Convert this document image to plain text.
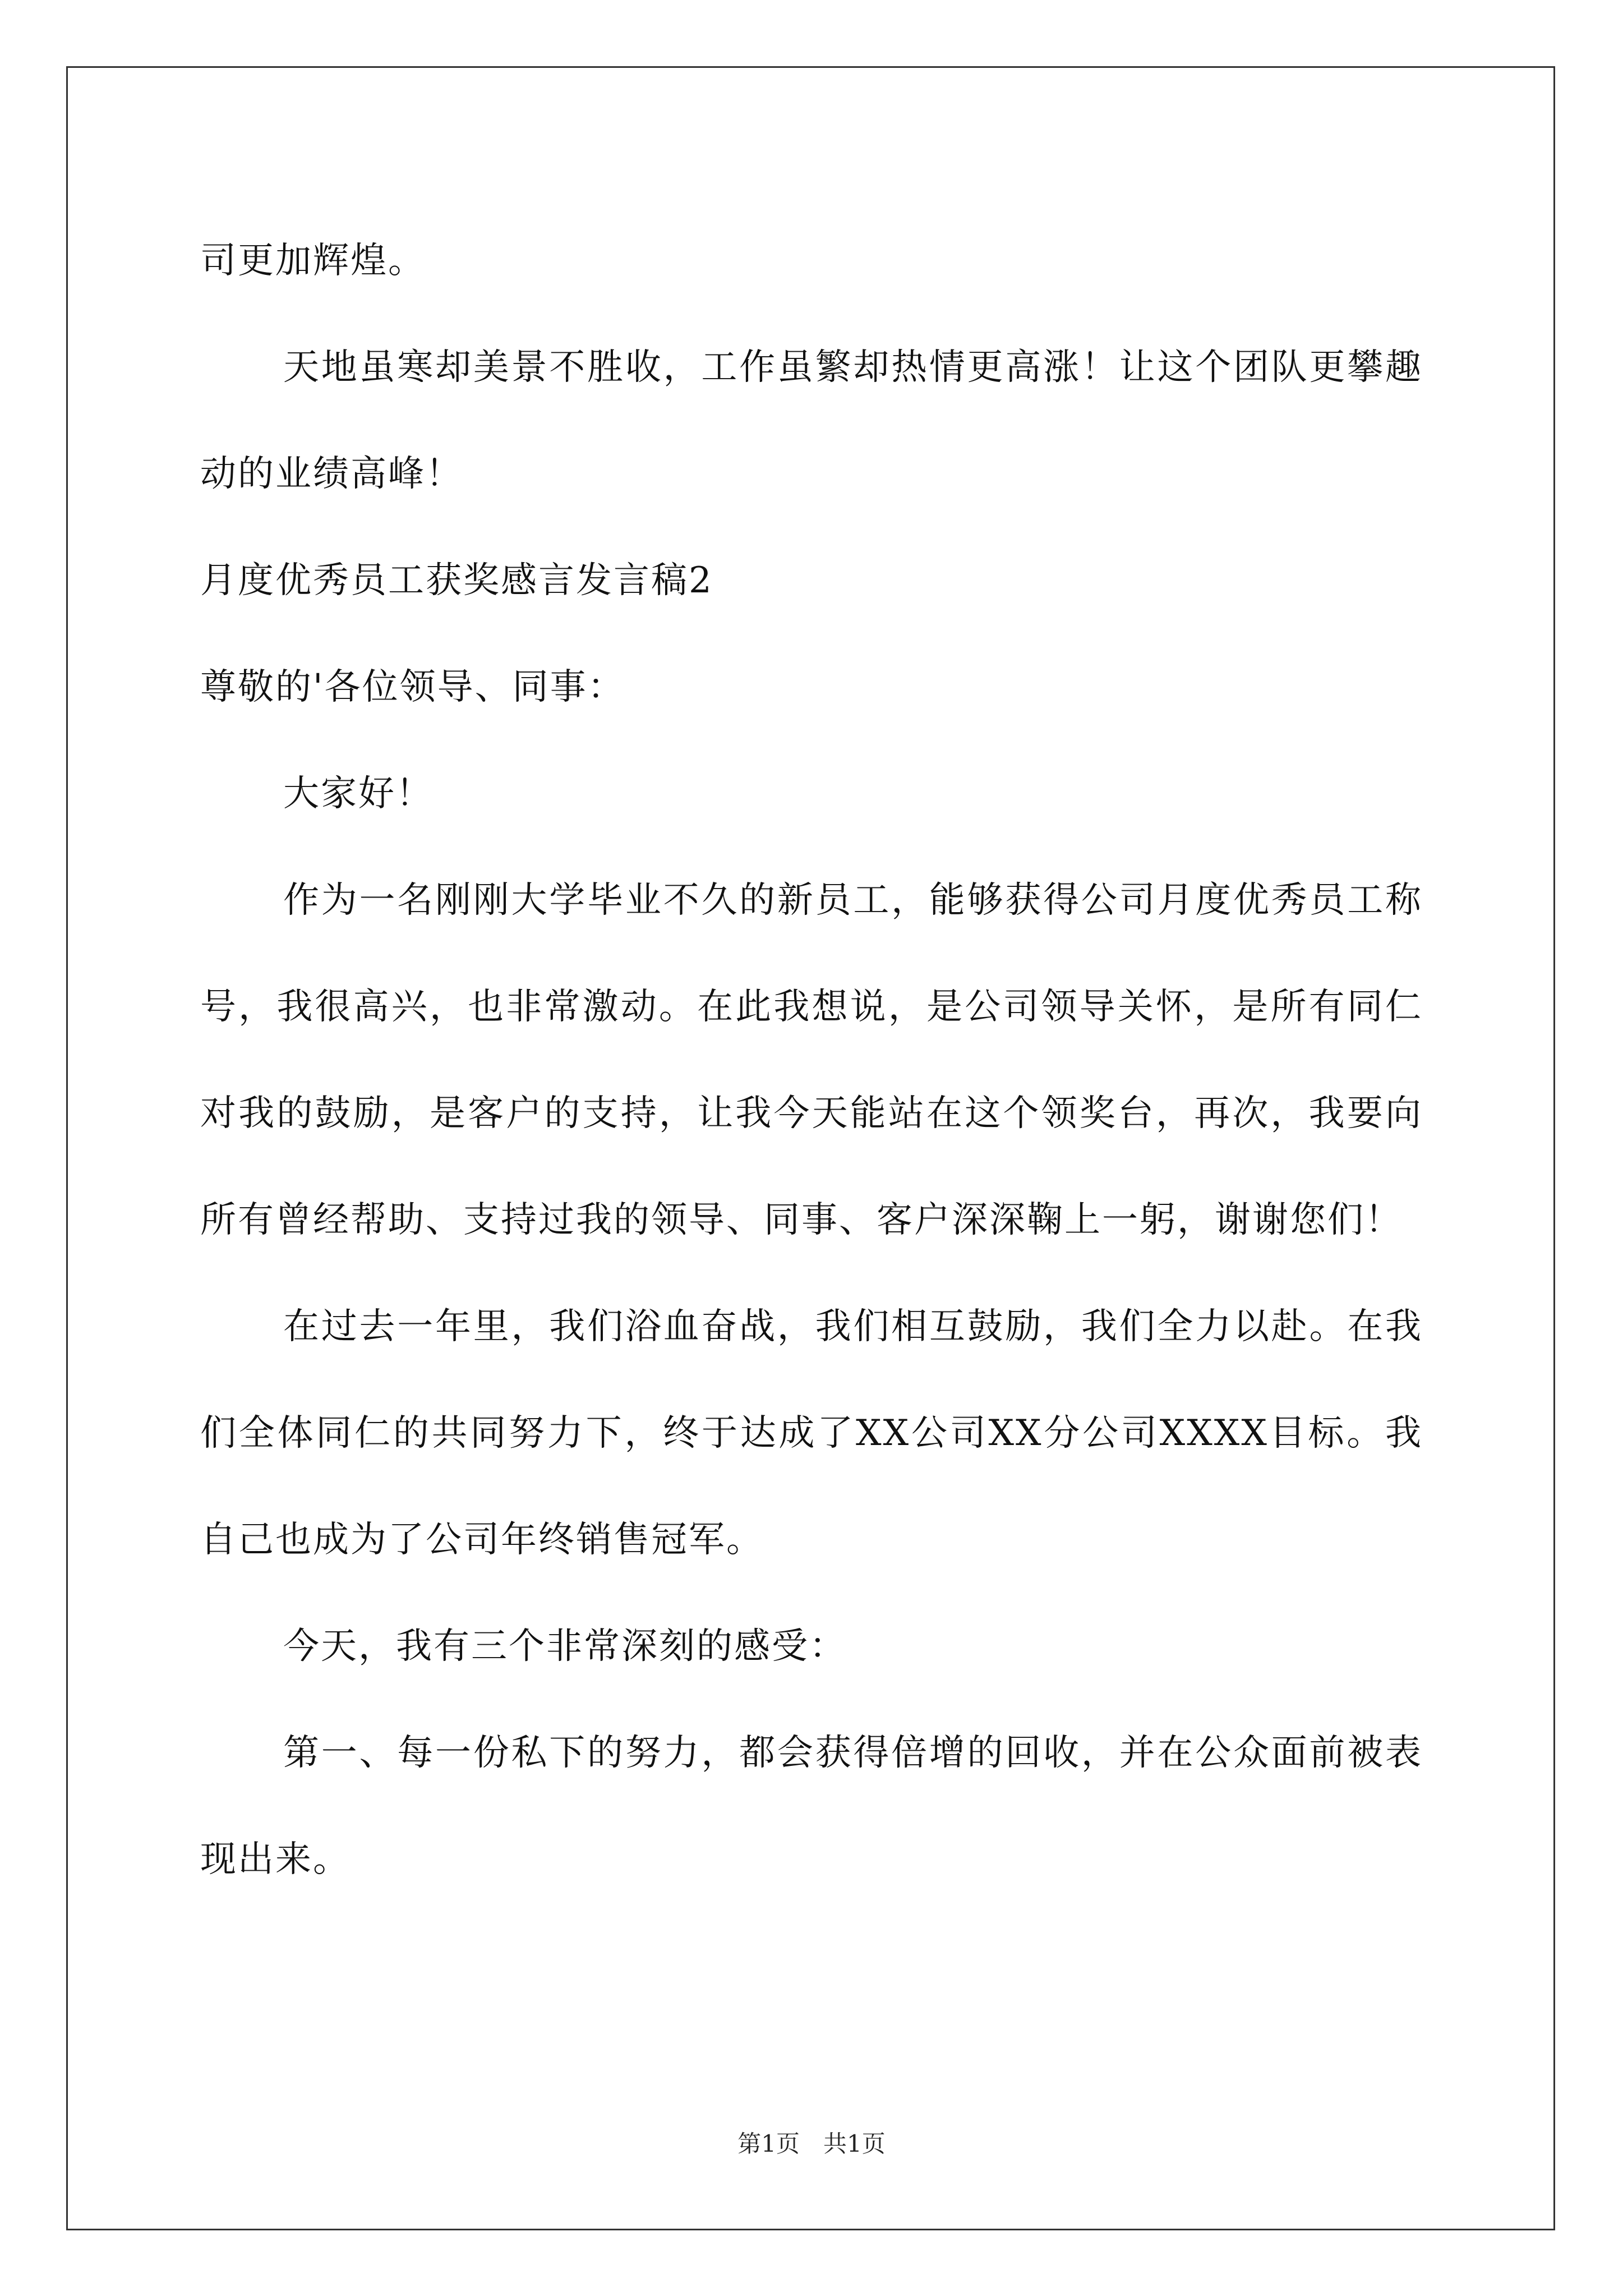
司更加辉煌。

天地虽寒却美景不胜收，工作虽繁却热情更高涨！让这个团队更攀趣动的业绩高峰！

月度优秀员工获奖感言发言稿2

尊敬的'各位领导、同事：

大家好！

作为一名刚刚大学毕业不久的新员工，能够获得公司月度优秀员工称号，我很高兴，也非常激动。在此我想说，是公司领导关怀，是所有同仁对我的鼓励，是客户的支持，让我今天能站在这个领奖台，再次，我要向所有曾经帮助、支持过我的领导、同事、客户深深鞠上一躬，谢谢您们！

在过去一年里，我们浴血奋战，我们相互鼓励，我们全力以赴。在我们全体同仁的共同努力下，终于达成了XX公司XX分公司XXXX目标。我自己也成为了公司年终销售冠军。

今天，我有三个非常深刻的感受：

第一、每一份私下的努力，都会获得倍增的回收，并在公众面前被表现出来。

第1页　共1页
